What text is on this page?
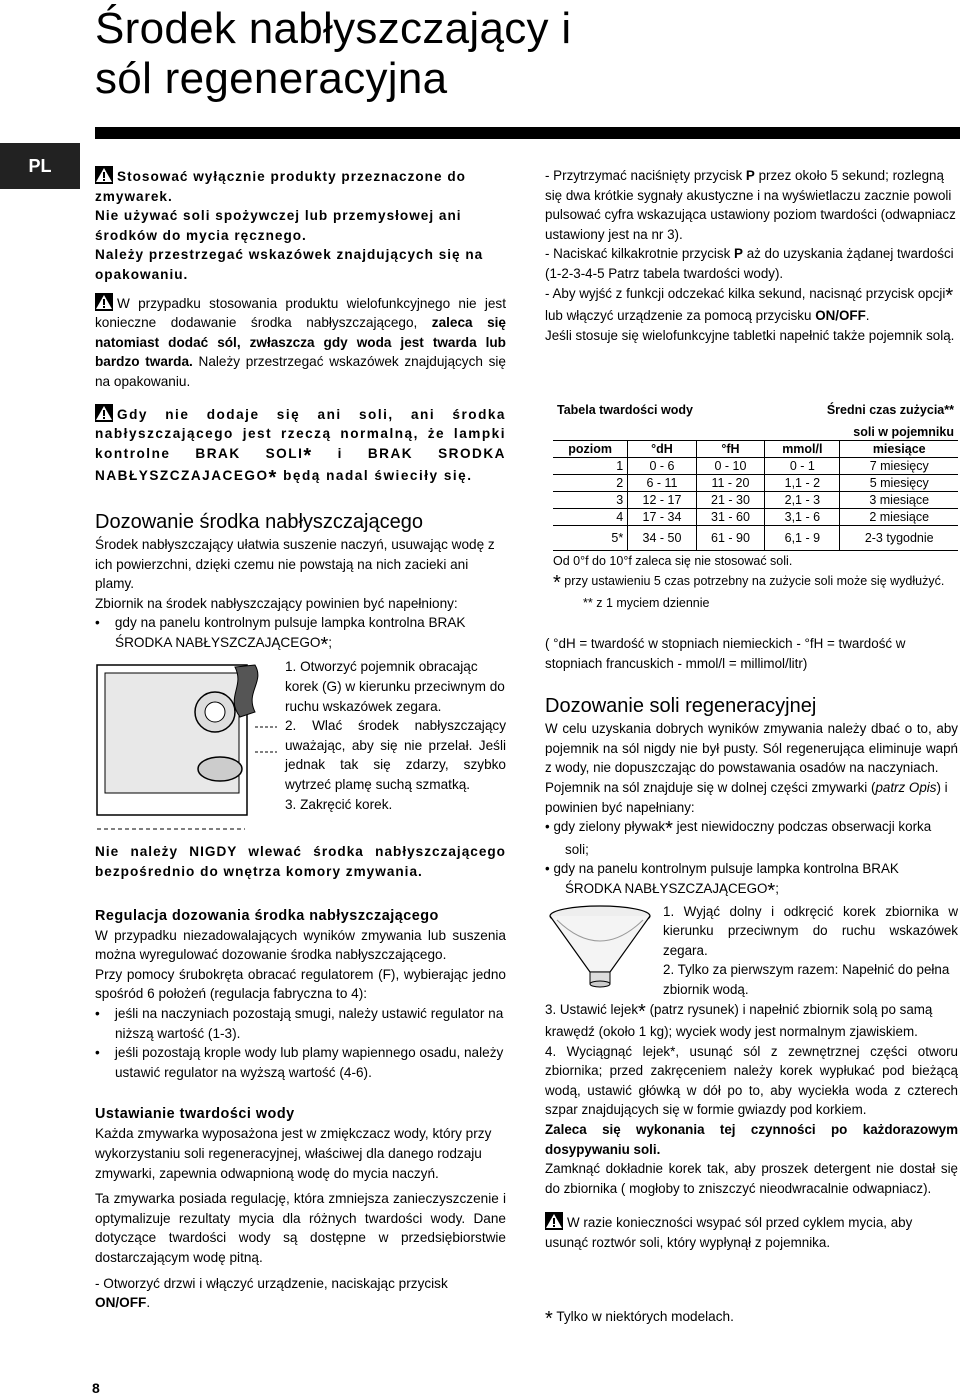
Środek nabłyszczający i
sól regeneracyjna
PL

Stosować wyłącznie produkty przeznaczone do zmywarek.
Nie używać soli spożywczej lub przemysłowej ani środków do mycia ręcznego.
Należy przestrzegać wskazówek znajdujących się na opakowaniu.

W przypadku stosowania produktu wielofunkcyjnego nie jest konieczne dodawanie środka nabłyszczającego, zaleca się natomiast dodać sól, zwłaszcza gdy woda jest twarda lub bardzo twarda. Należy przestrzegać wskazówek znajdujących się na opakowaniu.

Gdy nie dodaje się ani soli, ani środka nabłyszczającego jest rzeczą normalną, że lampki kontrolne BRAK SOLI* i BRAK SRODKA NABŁYSZCZAJACEGO* będą nadal świeciły się.

Dozowanie środka nabłyszczającego

Środek nabłyszczający ułatwia suszenie naczyń, usuwając wodę z ich powierzchni, dzięki czemu nie powstają na nich zacieki ani plamy.

Zbiornik na środek nabłyszczający powinien być napełniony:

• gdy na panelu kontrolnym pulsuje lampka kontrolna BRAK ŚRODKA NABŁYSZCZAJĄCEGO*;

1. Otworzyć pojemnik obracając korek (G) w kierunku przeciwnym do ruchu wskazówek zegara.

2. Wlać środek nabłyszczający uważając, aby się nie przelał. Jeśli jednak tak się zdarzy, szybko wytrzeć plamę suchą szmatką.

3. Zakręcić korek.

Nie należy NIGDY wlewać środka nabłyszczającego bezpośrednio do wnętrza komory zmywania.

Regulacja dozowania środka nabłyszczającego

W przypadku niezadowalających wyników zmywania lub suszenia można wyregulować dozowanie środka nabłyszczającego.

Przy pomocy śrubokręta obracać regulatorem (F), wybierając jedno spośród 6 położeń (regulacja fabryczna to 4):

• jeśli na naczyniach pozostają smugi, należy ustawić regulator na niższą wartość (1-3).

• jeśli pozostają krople wody lub plamy wapiennego osadu, należy ustawić regulator na wyższą wartość (4-6).

Ustawianie twardości wody

Każda zmywarka wyposażona jest w zmiękczacz wody, który przy wykorzystaniu soli regeneracyjnej, właściwej dla danego rodzaju zmywarki, zapewnia odwapnioną wodę do mycia naczyń.

Ta zmywarka posiada regulację, która zmniejsza zanieczyszczenie i optymalizuje rezultaty mycia dla różnych twardości wody. Dane dotyczące twardości wody są dostępne w przedsiębiorstwie dostarczającym wodę pitną.

- Otworzyć drzwi i włączyć urządzenie, naciskając przycisk ON/OFF.

- Przytrzymać naciśnięty przycisk P przez około 5 sekund; rozlegną się dwa krótkie sygnały akustyczne i na wyświetlaczu zacznie powoli pulsować cyfra wskazująca ustawiony poziom twardości (odwapniacz ustawiony jest na nr 3).

- Naciskać kilkakrotnie przycisk P aż do uzyskania żądanej twardości (1-2-3-4-5 Patrz tabela twardości wody).

- Aby wyjść z funkcji odczekać kilka sekund, nacisnąć przycisk opcji* lub włączyć urządzenie za pomocą przycisku ON/OFF.

Jeśli stosuje się wielofunkcyjne tabletki napełnić także pojemnik solą.

Tabela twardości wody			Średni czas zużycia**	
			soli w pojemniku	
poziom	°dH	°fH	mmol/l	miesiące
1	0 - 6	0 - 10	0 - 1	7 miesięcy
2	6 - 11	11 - 20	1,1 - 2	5 miesięcy
3	12 - 17	21 - 30	2,1 - 3	3 miesiące
4	17 - 34	31 - 60	3,1 - 6	2 miesiące
5*	34 - 50	61 - 90	6,1 - 9	2-3 tygodnie
Od 0°f do 10°f zaleca się nie stosować soli.
* przy ustawieniu 5 czas potrzebny na zużycie soli może się wydłużyć. ** z 1 myciem dziennie

( °dH = twardość w stopniach niemieckich - °fH = twardość w stopniach francuskich - mmol/l = millimol/litr)

Dozowanie soli regeneracyjnej

W celu uzyskania dobrych wyników zmywania należy dbać o to, aby pojemnik na sól nigdy nie był pusty. Sól regenerująca eliminuje wapń z wody, nie dopuszczając do powstawania osadów na naczyniach.

Pojemnik na sól znajduje się w dolnej części zmywarki (patrz Opis) i powinien być napełniany:

• gdy zielony pływak* jest niewidoczny podczas obserwacji korka soli;

• gdy na panelu kontrolnym pulsuje lampka kontrolna BRAK ŚRODKA NABŁYSZCZAJĄCEGO*;

1. Wyjąć dolny i odkręcić korek zbiornika w kierunku przeciwnym do ruchu wskazówek zegara.

2. Tylko za pierwszym razem: Napełnić do pełna zbiornik wodą.

3. Ustawić lejek* (patrz rysunek) i napełnić zbiornik solą po samą krawędź (około 1 kg); wyciek wody jest normalnym zjawiskiem.

4. Wyciągnąć lejek*, usunąć sól z zewnętrznej części otworu zbiornika; przed zakręceniem należy korek wypłukać pod bieżącą wodą, ustawić główką w dół po to, aby wyciekła woda z czterech szpar znajdujących się w formie gwiazdy pod korkiem.

Zaleca się wykonania tej czynności po każdorazowym dosypywaniu soli.

Zamknąć dokładnie korek tak, aby proszek detergent nie dostał się do zbiornika ( mogłoby to zniszczyć nieodwracalnie odwapniacz).

W razie konieczności wsypać sól przed cyklem mycia, aby usunąć roztwór soli, który wypłynął z pojemnika.

* Tylko w niektórych modelach.
8
